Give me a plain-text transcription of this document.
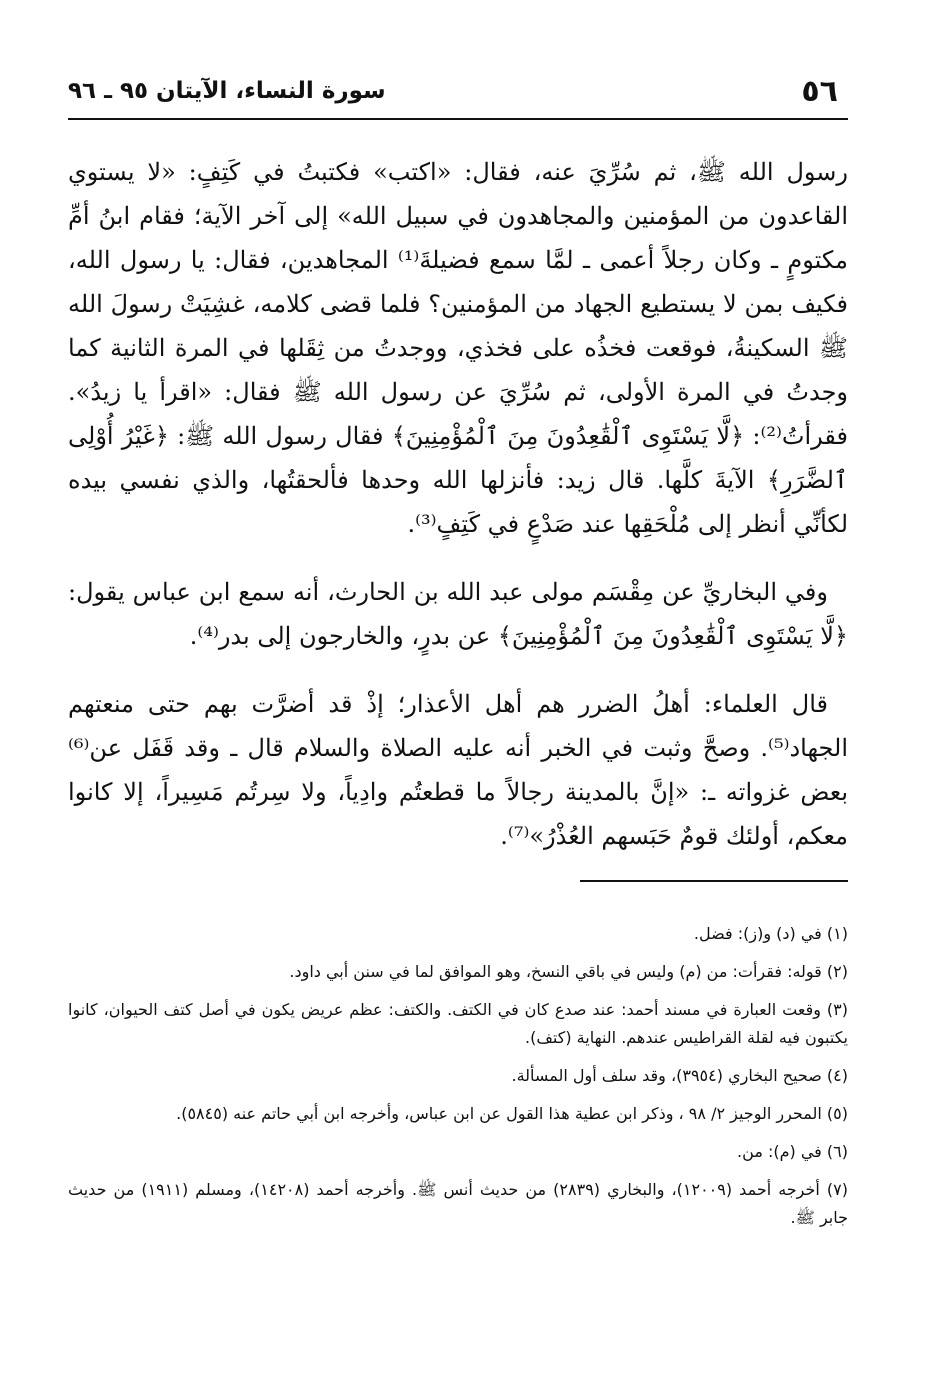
٥٦
سورة النساء، الآيتان ٩٥ ـ ٩٦

رسول الله ﷺ، ثم سُرِّيَ عنه، فقال: «اكتب» فكتبتُ في كَتِفٍ: «لا يستوي القاعدون من المؤمنين والمجاهدون في سبيل الله» إلى آخر الآية؛ فقام ابنُ أمِّ مكتومٍ ـ وكان رجلاً أعمى ـ لمَّا سمع فضيلةَ⁽¹⁾ المجاهدين، فقال: يا رسول الله، فكيف بمن لا يستطيع الجهاد من المؤمنين؟ فلما قضى كلامه، غشِيَتْ رسولَ الله ﷺ السكينةُ، فوقعت فخذُه على فخذي، ووجدتُ من ثِقَلها في المرة الثانية كما وجدتُ في المرة الأولى، ثم سُرِّيَ عن رسول الله ﷺ فقال: «اقرأ يا زيدُ». فقرأتُ⁽²⁾: ﴿لَّا يَسْتَوِى ٱلْقَٰعِدُونَ مِنَ ٱلْمُؤْمِنِينَ﴾ فقال رسول الله ﷺ: ﴿غَيْرُ أُوْلِى ٱلضَّرَرِ﴾ الآيةَ كلَّها. قال زيد: فأنزلها الله وحدها فألحقتُها، والذي نفسي بيده لكأنِّي أنظر إلى مُلْحَقِها عند صَدْعٍ في كَتِفٍ⁽³⁾.

وفي البخاريِّ عن مِقْسَم مولى عبد الله بن الحارث، أنه سمع ابن عباس يقول: ﴿لَّا يَسْتَوِى ٱلْقَٰعِدُونَ مِنَ ٱلْمُؤْمِنِينَ﴾ عن بدرٍ، والخارجون إلى بدر⁽⁴⁾.

قال العلماء: أهلُ الضرر هم أهل الأعذار؛ إذْ قد أضرَّت بهم حتى منعتهم الجهاد⁽⁵⁾. وصحَّ وثبت في الخبر أنه عليه الصلاة والسلام قال ـ وقد قَفَل عن⁽⁶⁾ بعض غزواته ـ: «إنَّ بالمدينة رجالاً ما قطعتُم وادِياً، ولا سِرتُم مَسِيراً، إلا كانوا معكم، أولئك قومٌ حَبَسهم العُذْرُ»⁽⁷⁾.

(١) في (د) و(ز): فضل.

(٢) قوله: فقرأت: من (م) وليس في باقي النسخ، وهو الموافق لما في سنن أبي داود.

(٣) وقعت العبارة في مسند أحمد: عند صدع كان في الكتف. والكتف: عظم عريض يكون في أصل كتف الحيوان، كانوا يكتبون فيه لقلة القراطيس عندهم. النهاية (كتف).

(٤) صحيح البخاري (٣٩٥٤)، وقد سلف أول المسألة.

(٥) المحرر الوجيز ٢/ ٩٨ ، وذكر ابن عطية هذا القول عن ابن عباس، وأخرجه ابن أبي حاتم عنه (٥٨٤٥).

(٦) في (م): من.

(٧) أخرجه أحمد (١٢٠٠٩)، والبخاري (٢٨٣٩) من حديث أنس ﷺ. وأخرجه أحمد (١٤٢٠٨)، ومسلم (١٩١١) من حديث جابر ﷺ.
